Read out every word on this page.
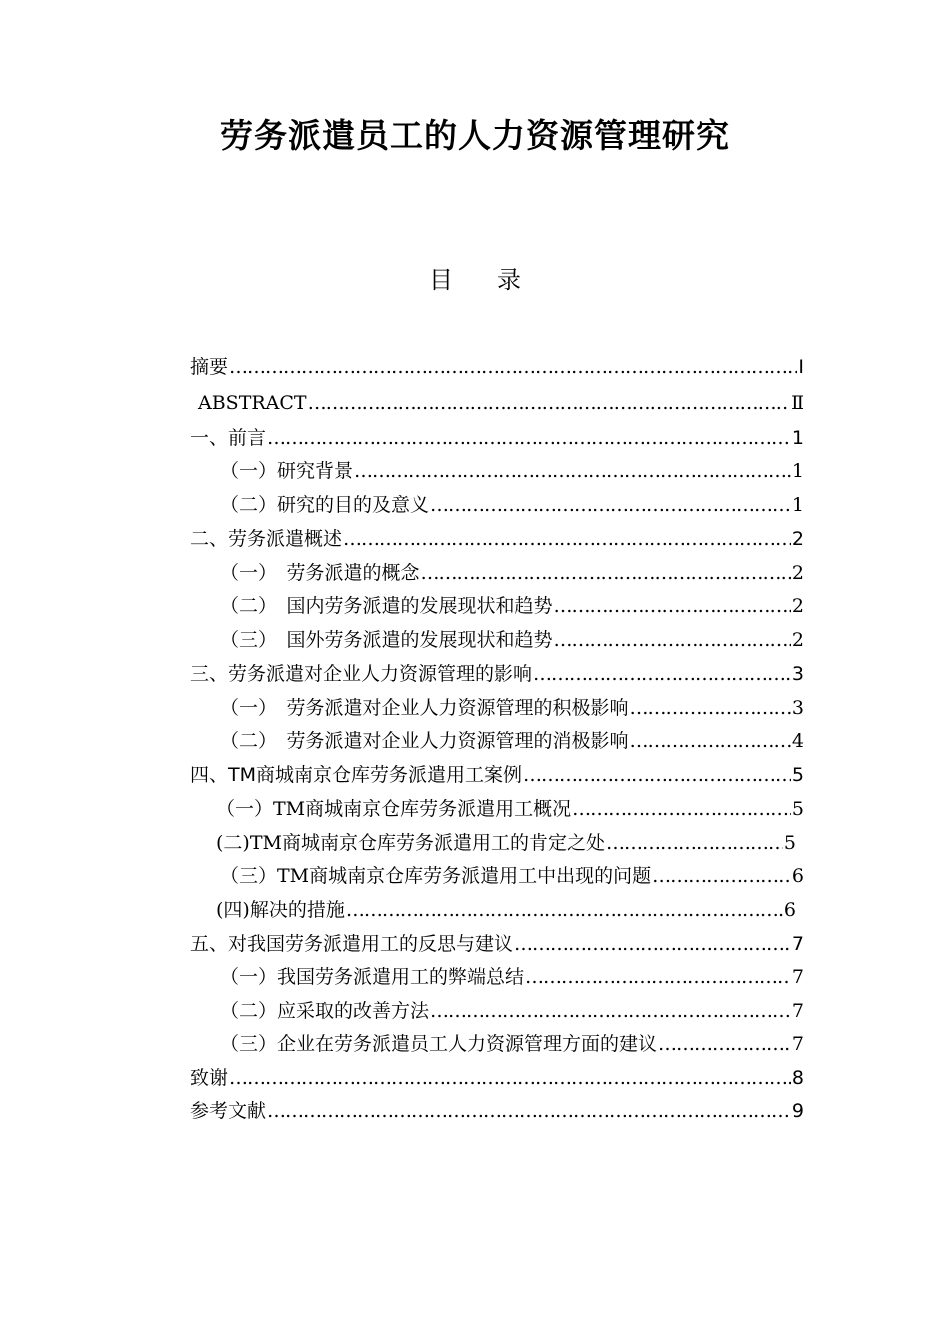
劳务派遣员工的人力资源管理研究
目录
摘要 ………………………………………………………………………………………………………………………………………………………………	Ⅰ
ABSTRACT ………………………………………………………………………………………………………………………………………………………………	Ⅱ
一、前言 ………………………………………………………………………………………………………………………………………………………………	1
（一）研究背景 ………………………………………………………………………………………………………………………………………………………………	1
（二）研究的目的及意义 ………………………………………………………………………………………………………………………………………………………………	1
二、劳务派遣概述 ………………………………………………………………………………………………………………………………………………………………	2
（一）　劳务派遣的概念 ………………………………………………………………………………………………………………………………………………………………	2
（二）　国内劳务派遣的发展现状和趋势 ………………………………………………………………………………………………………………………………………………………………	2
（三）　国外劳务派遣的发展现状和趋势 ………………………………………………………………………………………………………………………………………………………………	2
三、劳务派遣对企业人力资源管理的影响 ………………………………………………………………………………………………………………………………………………………………	3
（一）　劳务派遣对企业人力资源管理的积极影响 ………………………………………………………………………………………………………………………………………………………………	3
（二）　劳务派遣对企业人力资源管理的消极影响 ………………………………………………………………………………………………………………………………………………………………	4
四、TM商城南京仓库劳务派遣用工案例 ………………………………………………………………………………………………………………………………………………………………	5
（一）TM商城南京仓库劳务派遣用工概况 ………………………………………………………………………………………………………………………………………………………………	5
(二)TM商城南京仓库劳务派遣用工的肯定之处 ………………………………………………………………………………………………………………………………………………………………	5
（三）TM商城南京仓库劳务派遣用工中出现的问题 ………………………………………………………………………………………………………………………………………………………………	6
(四)解决的措施 ………………………………………………………………………………………………………………………………………………………………	6
五、对我国劳务派遣用工的反思与建议 ………………………………………………………………………………………………………………………………………………………………	7
（一）我国劳务派遣用工的弊端总结 ………………………………………………………………………………………………………………………………………………………………	7
（二）应采取的改善方法 ………………………………………………………………………………………………………………………………………………………………	7
（三）企业在劳务派遣员工人力资源管理方面的建议 ………………………………………………………………………………………………………………………………………………………………	7
致谢 ………………………………………………………………………………………………………………………………………………………………	8
参考文献 ………………………………………………………………………………………………………………………………………………………………	9
